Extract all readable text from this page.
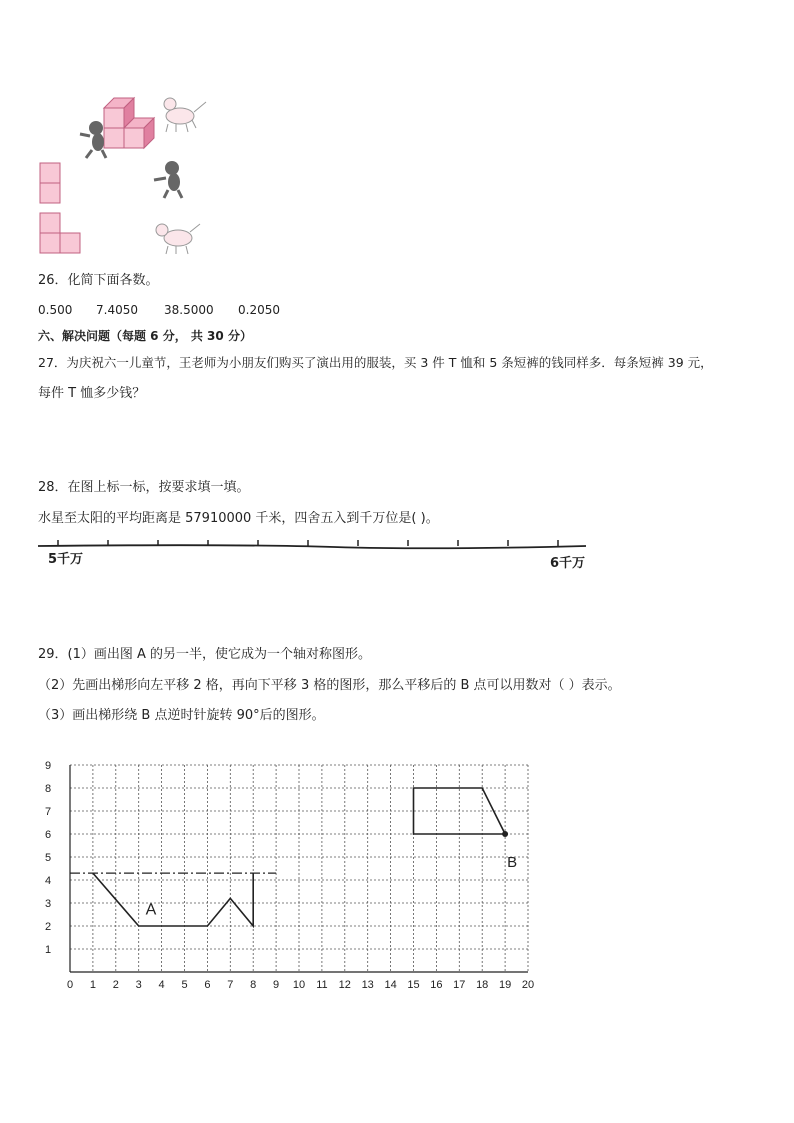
26．化简下面各数。
0.500 7.4050 38.5000 0.2050
六、解决问题（每题 6 分， 共 30 分）
27．为庆祝六一儿童节，王老师为小朋友们购买了演出用的服装，买 3 件 T 恤和 5 条短裤的钱同样多．每条短裤 39 元，
每件 T 恤多少钱？
28．在图上标一标，按要求填一填。
水星至太阳的平均距离是 57910000 千米，四舍五入到千万位是( )。
5千万	6千万
29．(1）画出图 A 的另一半，使它成为一个轴对称图形。
（2）先画出梯形向左平移 2 格，再向下平移 3 格的图形，那么平移后的 B 点可以用数对（ ）表示。
（3）画出梯形绕 B 点逆时针旋转 90°后的图形。
0 1 2 3 4 5 6 7 8 9 10 11 12 13 14 15 16 17 18 19 20
1
2
3
4
5
6
7
8
9
A
B
